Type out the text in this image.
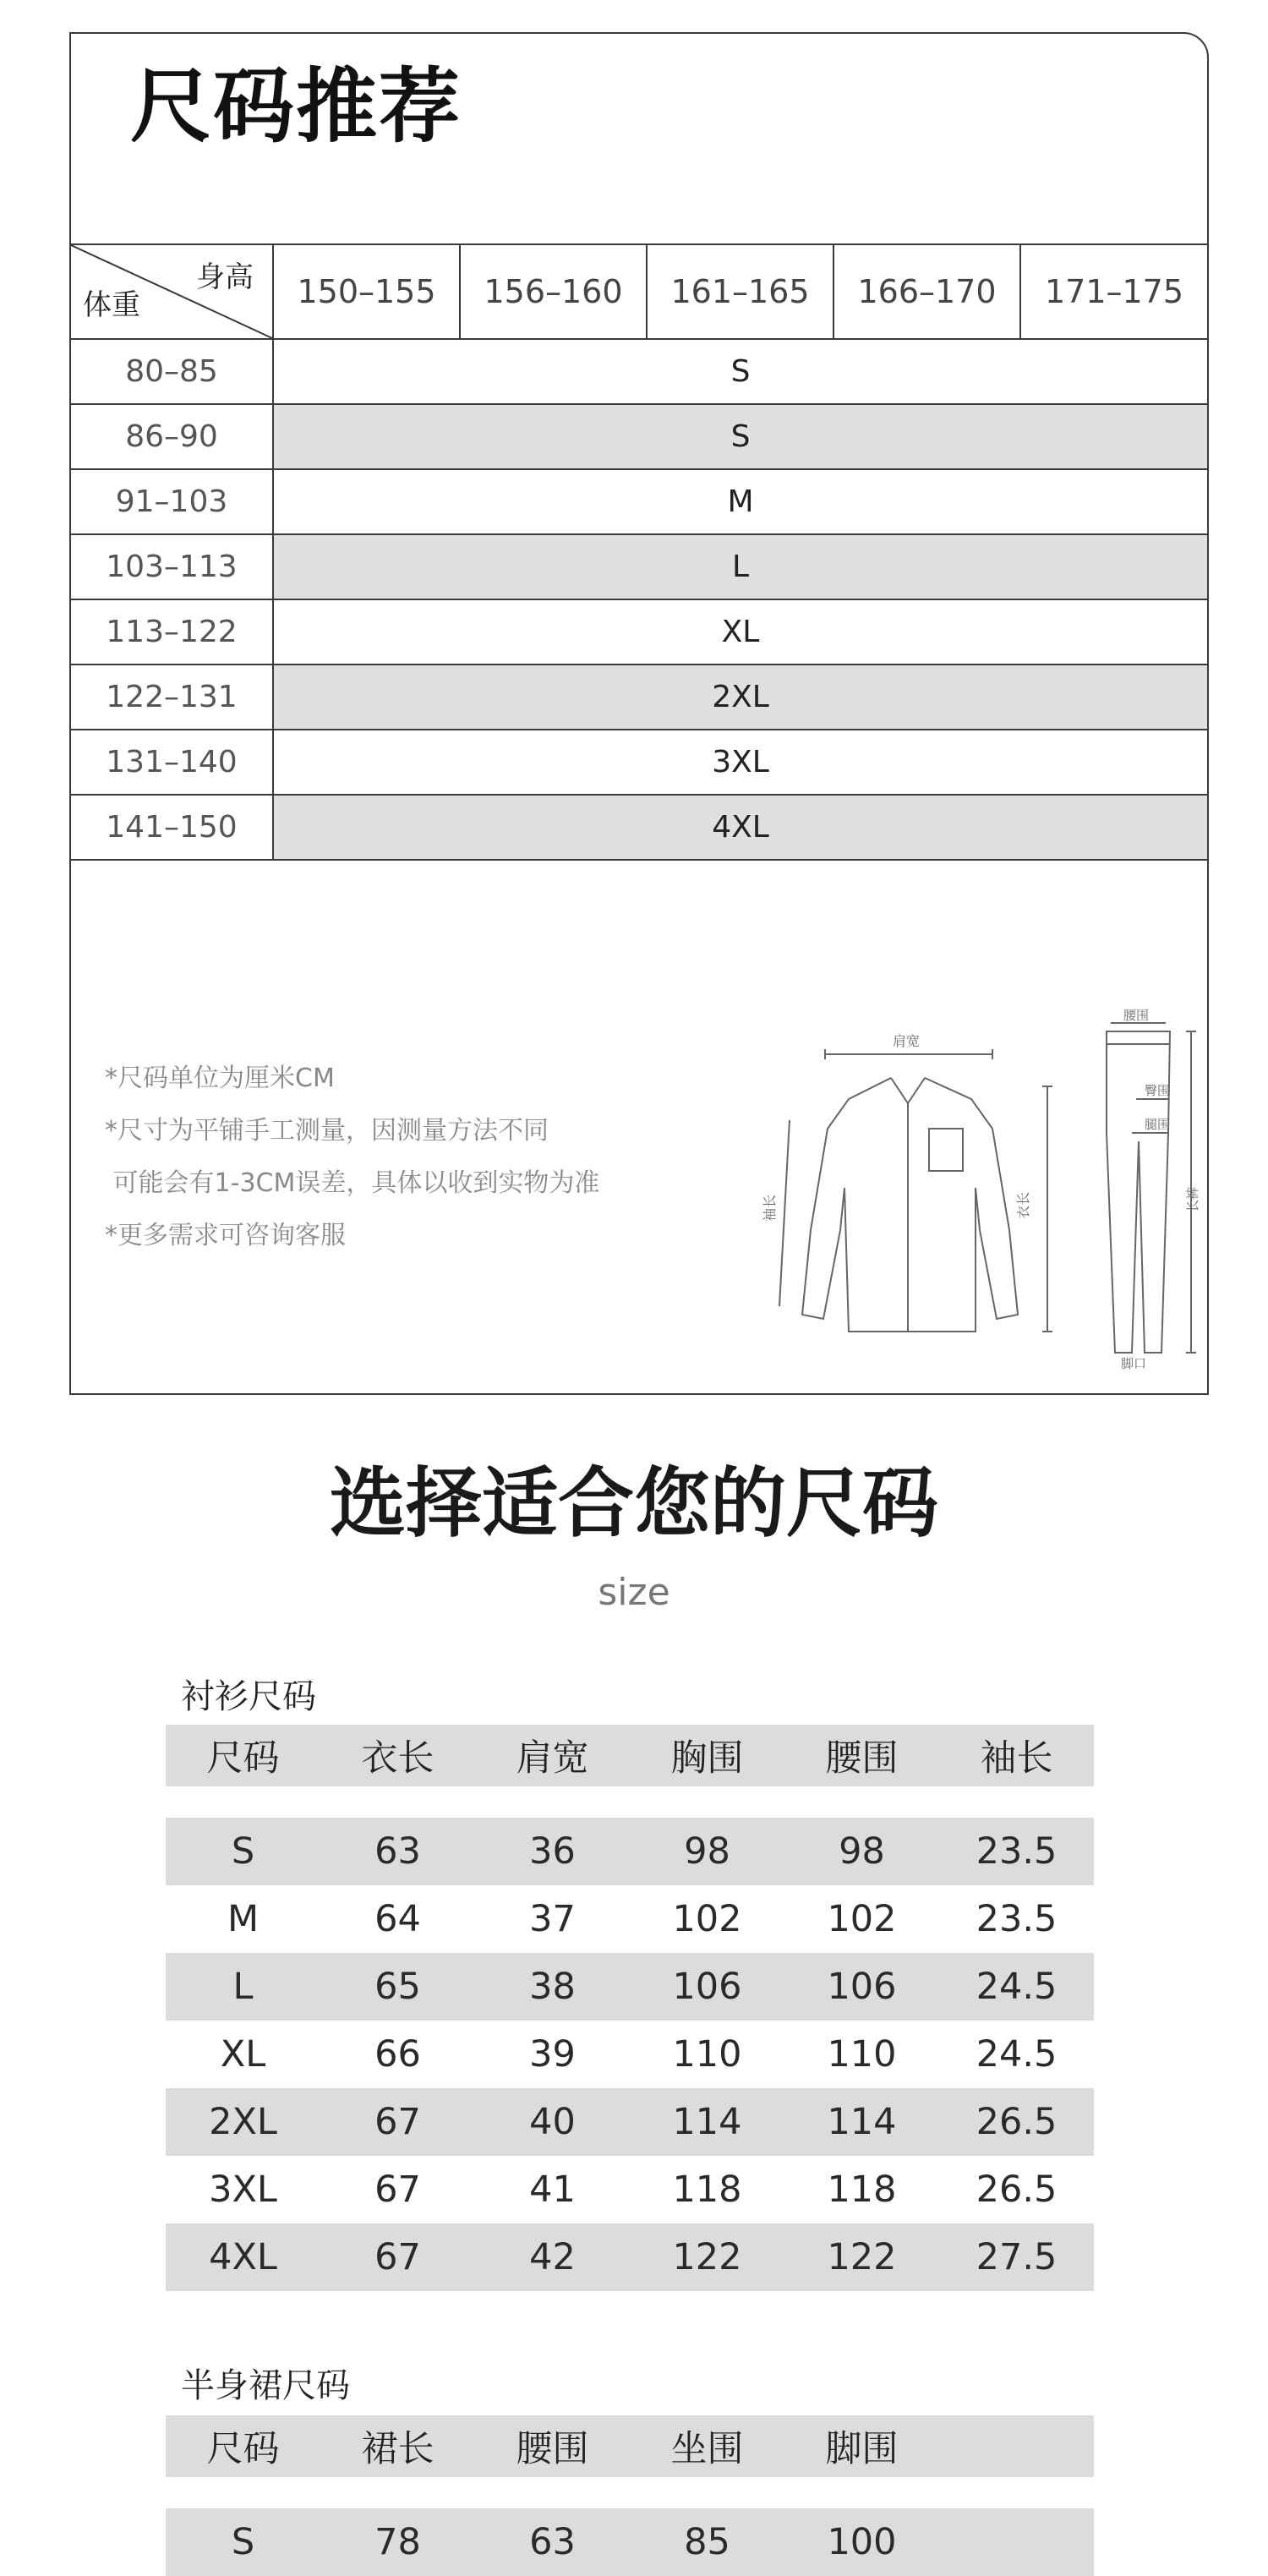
尺码推荐
身高
体重	150–155	156–160	161–165	166–170	171–175
80–85	S				
86–90	S				
91–103	M				
103–113	L				
113–122	XL				
122–131	2XL				
131–140	3XL				
141–150	4XL				
*尺码单位为厘米CM
*尺寸为平铺手工测量，因测量方法不同
可能会有1-3CM误差，具体以收到实物为准
*更多需求可咨询客服
肩宽
袖长	衣长
腰围
臀围
腿围
长裤
脚口
选择适合您的尺码
size
衬衫尺码
尺码	衣长	肩宽	胸围	腰围	袖长

S	63	36	98	98	23.5
M	64	37	102	102	23.5
L	65	38	106	106	24.5
XL	66	39	110	110	24.5
2XL	67	40	114	114	26.5
3XL	67	41	118	118	26.5
4XL	67	42	122	122	27.5
半身裙尺码
尺码	裙长	腰围	坐围	脚围	

S	78	63	85	100	
